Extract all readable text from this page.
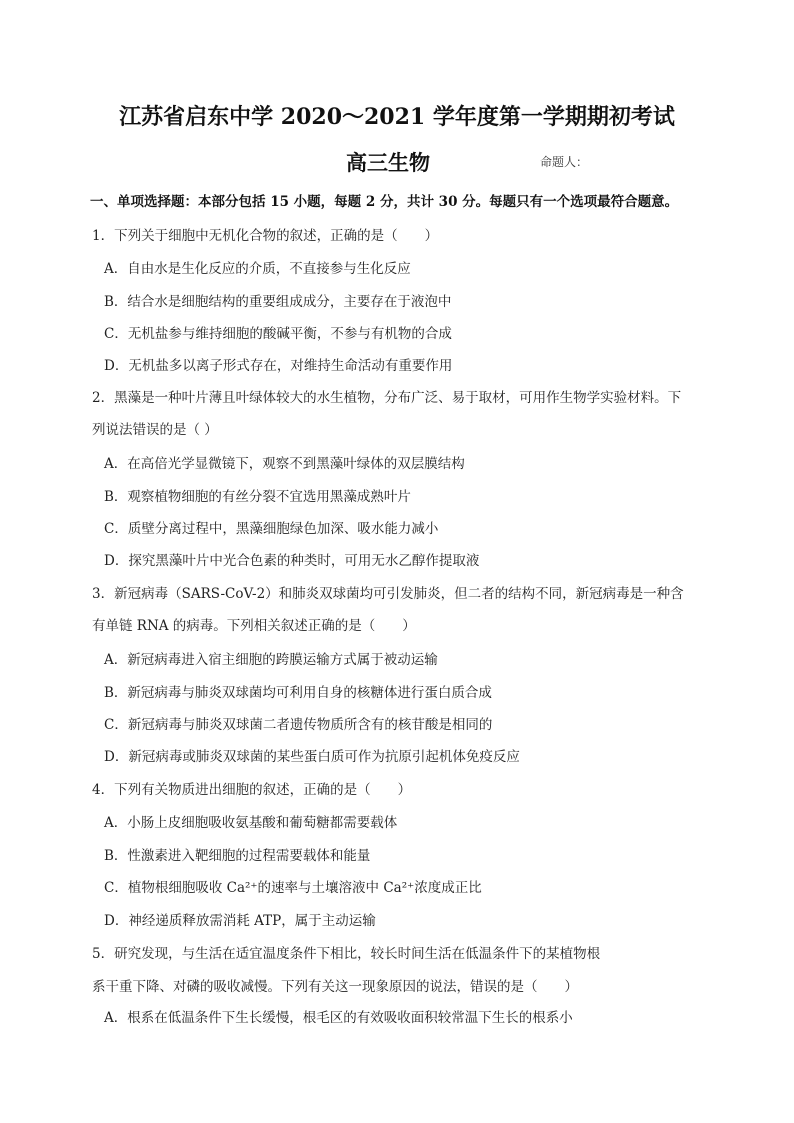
江苏省启东中学 2020～2021 学年度第一学期期初考试
高三生物	命题人：
一、单项选择题：本部分包括 15 小题，每题 2 分，共计 30 分。每题只有一个选项最符合题意。
1．下列关于细胞中无机化合物的叙述，正确的是（　　）
A．自由水是生化反应的介质，不直接参与生化反应
B．结合水是细胞结构的重要组成成分，主要存在于液泡中
C．无机盐参与维持细胞的酸碱平衡，不参与有机物的合成
D．无机盐多以离子形式存在，对维持生命活动有重要作用
2．黑藻是一种叶片薄且叶绿体较大的水生植物，分布广泛、易于取材，可用作生物学实验材料。下
列说法错误的是（ ）
A．在高倍光学显微镜下，观察不到黑藻叶绿体的双层膜结构
B．观察植物细胞的有丝分裂不宜选用黑藻成熟叶片
C．质壁分离过程中，黑藻细胞绿色加深、吸水能力减小
D．探究黑藻叶片中光合色素的种类时，可用无水乙醇作提取液
3．新冠病毒（SARS-CoV-2）和肺炎双球菌均可引发肺炎，但二者的结构不同，新冠病毒是一种含
有单链 RNA 的病毒。下列相关叙述正确的是（　　）
A．新冠病毒进入宿主细胞的跨膜运输方式属于被动运输
B．新冠病毒与肺炎双球菌均可利用自身的核糖体进行蛋白质合成
C．新冠病毒与肺炎双球菌二者遗传物质所含有的核苷酸是相同的
D．新冠病毒或肺炎双球菌的某些蛋白质可作为抗原引起机体免疫反应
4．下列有关物质进出细胞的叙述，正确的是（　　）
A．小肠上皮细胞吸收氨基酸和葡萄糖都需要载体
B．性激素进入靶细胞的过程需要载体和能量
C．植物根细胞吸收 Ca²⁺的速率与土壤溶液中 Ca²⁺浓度成正比
D．神经递质释放需消耗 ATP，属于主动运输
5．研究发现，与生活在适宜温度条件下相比，较长时间生活在低温条件下的某植物根
系干重下降、对磷的吸收减慢。下列有关这一现象原因的说法，错误的是（　　）
A．根系在低温条件下生长缓慢，根毛区的有效吸收面积较常温下生长的根系小
